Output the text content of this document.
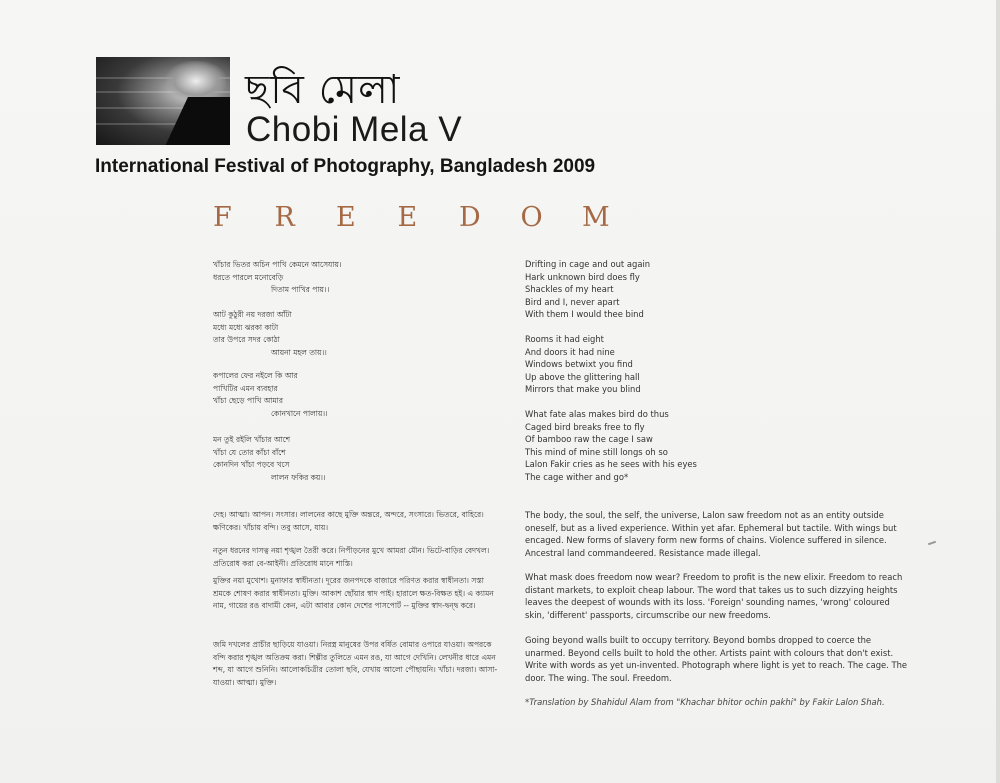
ছবি মেলা
Chobi Mela V
International Festival of Photography, Bangladesh 2009
F	R	E	E	D	O	M

খাঁচার ভিতর অচিন পাখি কেমনে আসেযায়।

ধরতে পারলে মনোবেড়ি

দিতাম পাখির পায়।।

আট কুঠুরী নয় দরজা আঁটা

মধ্যে মধ্যে ঝরকা কাটা

তার উপরে সদর কোঠা

আয়না মহল তায়।।

কপালের ফের নইলে কি আর

পাখিটির এমন ব্যবহার

খাঁচা ছেড়ে পাখি আমার

কোনখানে পালায়।।

মন তুই রইলি খাঁচার আশে

খাঁচা যে তোর কাঁচা বাঁশে

কোনদিন খাঁচা পড়বে খসে

লালন ফকির কয়।।

Drifting in cage and out again

Hark unknown bird does fly

Shackles of my heart

Bird and I, never apart

With them I would thee bind

Rooms it had eight

And doors it had nine

Windows betwixt you find

Up above the glittering hall

Mirrors that make you blind

What fate alas makes bird do thus

Caged bird breaks free to fly

Of bamboo raw the cage I saw

This mind of mine still longs oh so

Lalon Fakir cries as he sees with his eyes

The cage wither and go*

দেহ। আত্মা। আপন। সংসার। লালনের কাছে মুক্তি অন্তরে, অন্দরে, সংসারে। ভিতরে, বাহিরে। ক্ষণিকের। খাঁচায় বন্দি। তবু আসে, যায়।

নতুন ধরনের দাসত্ব নয়া শৃঙ্খল তৈরী করে। নিপীড়নের মুখে আমরা মৌন। ভিটে-বাড়ির বেদখল। প্রতিরোধ করা বে-আইনী। প্রতিরোধ মানে শাস্তি।

মুক্তির নয়া মুখোশ। মুনাফার স্বাধীনতা। দূরের জনপদকে বাজারে পরিণত করার স্বাধীনতা। সস্তা শ্রমকে শোষণ করার স্বাধীনতা। মুক্তি। আকাশ ছোঁয়ার স্বাদ পাই। হারালে ক্ষত-বিক্ষত হই। এ ক্যামন নাম, গায়ের রঙ বাদামী কেন, এটা আবার কোন দেশের পাসপোর্ট -- মুক্তির স্বাদ-দ্বন্দ্ব করে।

জমি দখলের প্রাচীর ছাড়িয়ে যাওয়া। নিরস্ত্র মানুষের উপর বর্ষিত বোমার ওপারে যাওয়া। অপরকে বন্দি করার শৃঙ্খল অতিক্রম করা। শিল্পীর তুলিতে এমন রঙ, যা আগে দেখিনি। লেখনীর ধারে এমন শব্দ, যা আগে শুনিনি। আলোকচিত্রীর তোলা ছবি, যেখায় আলো পৌছায়নি। খাঁচা। দরজা। আসা-যাওয়া। আত্মা। মুক্তি।

The body, the soul, the self, the universe, Lalon saw freedom not as an entity outside oneself, but as a lived experience. Within yet afar. Ephemeral but tactile. With wings but encaged. New forms of slavery form new forms of chains. Violence suffered in silence. Ancestral land commandeered. Resistance made illegal.

What mask does freedom now wear? Freedom to profit is the new elixir. Freedom to reach distant markets, to exploit cheap labour. The word that takes us to such dizzying heights leaves the deepest of wounds with its loss. 'Foreign' sounding names, 'wrong' coloured skin, 'different' passports, circumscribe our new freedoms.

Going beyond walls built to occupy territory. Beyond bombs dropped to coerce the unarmed. Beyond cells built to hold the other. Artists paint with colours that don't exist. Write with words as yet un-invented. Photograph where light is yet to reach. The cage. The door. The wing. The soul. Freedom.

*Translation by Shahidul Alam from "Khachar bhitor ochin pakhi" by Fakir Lalon Shah.
